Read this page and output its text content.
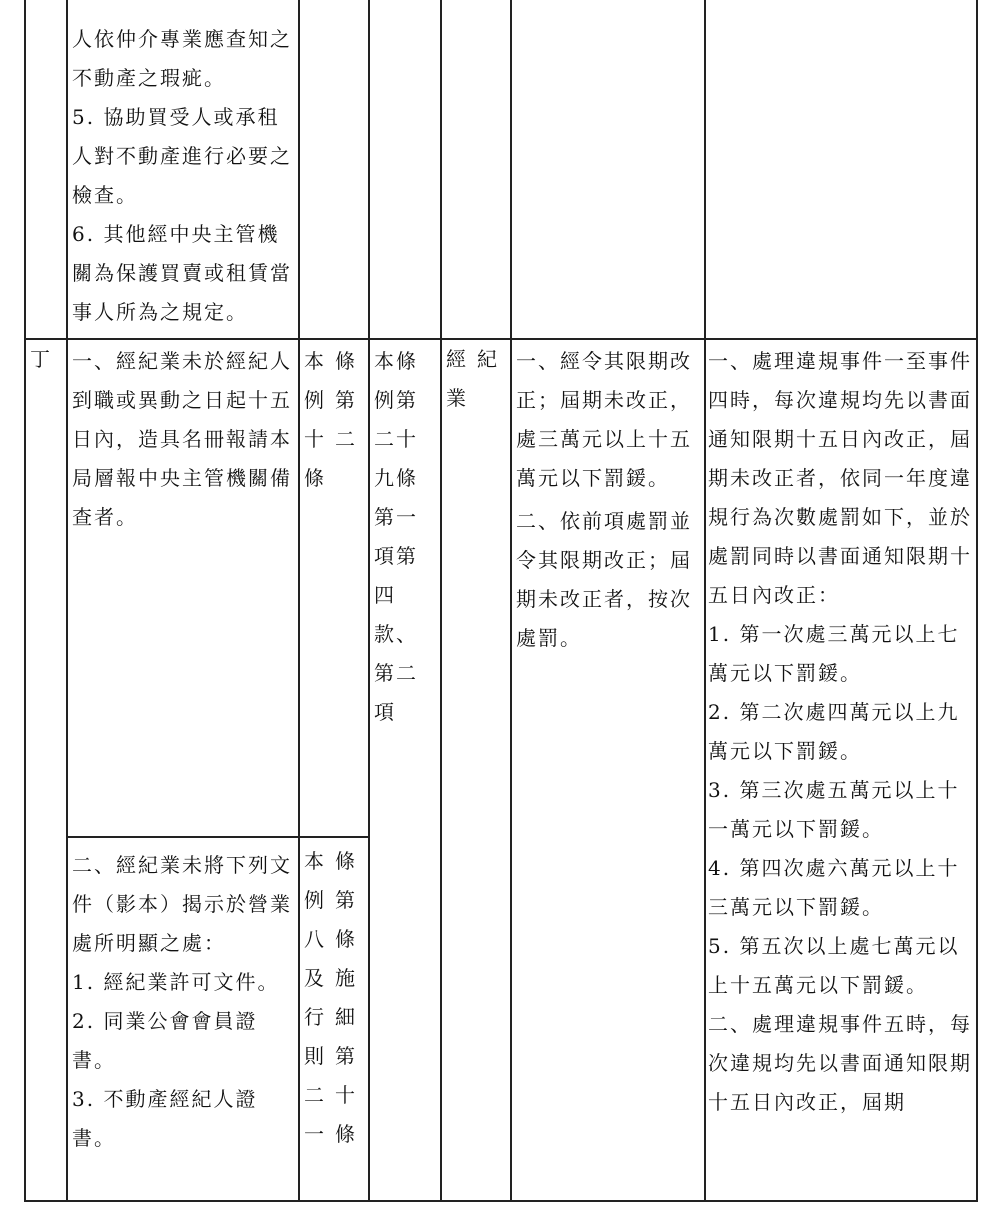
人依仲介專業應查知之不動產之瑕疵。

5. 協助買受人或承租人對不動產進行必要之檢查。

6. 其他經中央主管機關為保護買賣或租賃當事人所為之規定。

丁	一、經紀業未於經紀人到職或異動之日起十五日內，造具名冊報請本局層報中央主管機關備查者。

本條例第十二條

二、經紀業未將下列文件（影本）揭示於營業處所明顯之處：

1. 經紀業許可文件。

2. 同業公會會員證書。

3. 不動產經紀人證書。

本條例第八條及施行細則第二十一條

本條例第二十九條第一項第四款、第二項

經紀業

一、經令其限期改正；屆期未改正，處三萬元以上十五萬元以下罰鍰。

二、依前項處罰並令其限期改正；屆期未改正者，按次處罰。

一、處理違規事件一至事件四時，每次違規均先以書面通知限期十五日內改正，屆期未改正者，依同一年度違規行為次數處罰如下，並於處罰同時以書面通知限期十五日內改正：

1. 第一次處三萬元以上七萬元以下罰鍰。

2. 第二次處四萬元以上九萬元以下罰鍰。

3. 第三次處五萬元以上十一萬元以下罰鍰。

4. 第四次處六萬元以上十三萬元以下罰鍰。

5. 第五次以上處七萬元以上十五萬元以下罰鍰。

二、處理違規事件五時，每次違規均先以書面通知限期十五日內改正，屆期
